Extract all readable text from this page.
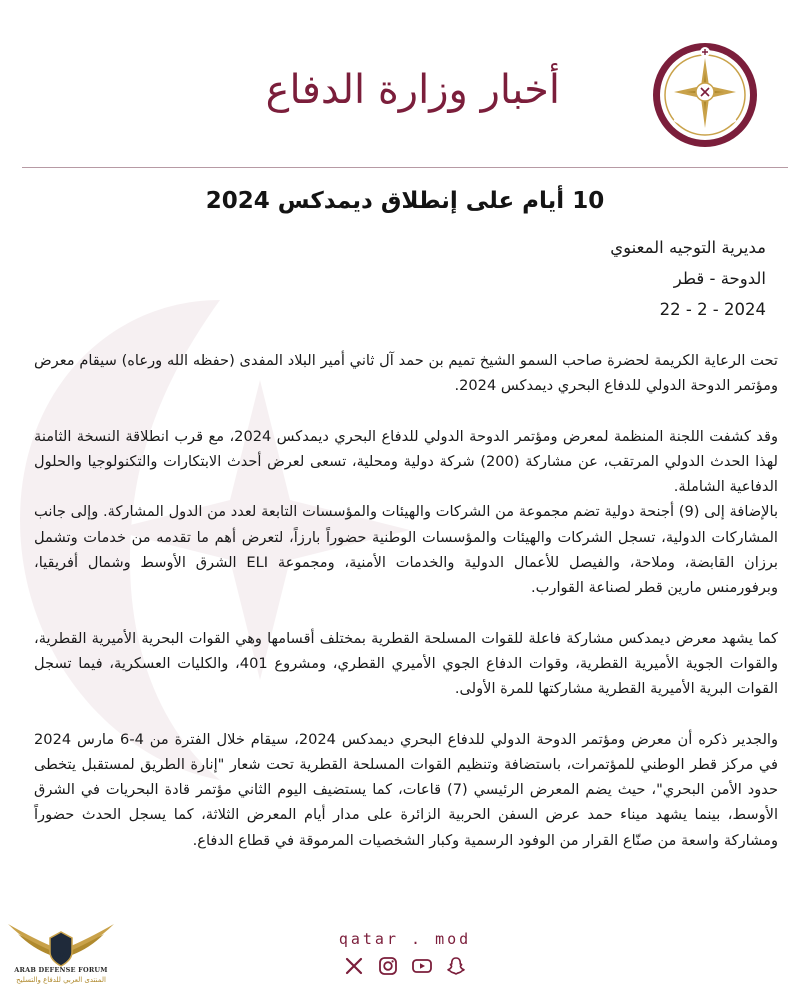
أخبار وزارة الدفاع
10 أيام على إنطلاق ديمدكس 2024
مديرية التوجيه المعنوي
الدوحة - قطر
22 - 2 - 2024

تحت الرعاية الكريمة لحضرة صاحب السمو الشيخ تميم بن حمد آل ثاني أمير البلاد المفدى (حفظه الله ورعاه) سيقام معرض ومؤتمر الدوحة الدولي للدفاع البحري ديمدكس 2024.

وقد كشفت اللجنة المنظمة لمعرض ومؤتمر الدوحة الدولي للدفاع البحري ديمدكس 2024، مع قرب انطلاقة النسخة الثامنة لهذا الحدث الدولي المرتقب، عن مشاركة (200) شركة دولية ومحلية، تسعى لعرض أحدث الابتكارات والتكنولوجيا والحلول الدفاعية الشاملة.

بالإضافة إلى (9) أجنحة دولية تضم مجموعة من الشركات والهيئات والمؤسسات التابعة لعدد من الدول المشاركة. وإلى جانب المشاركات الدولية، تسجل الشركات والهيئات والمؤسسات الوطنية حضوراً بارزاً، لتعرض أهم ما تقدمه من خدمات وتشمل برزان القابضة، وملاحة، والفيصل للأعمال الدولية والخدمات الأمنية، ومجموعة ELI الشرق الأوسط وشمال أفريقيا، وبرفورمنس مارين قطر لصناعة القوارب.

كما يشهد معرض ديمدكس مشاركة فاعلة للقوات المسلحة القطرية بمختلف أقسامها وهي القوات البحرية الأميرية القطرية، والقوات الجوية الأميرية القطرية، وقوات الدفاع الجوي الأميري القطري، ومشروع 401، والكليات العسكرية، فيما تسجل القوات البرية الأميرية القطرية مشاركتها للمرة الأولى.

والجدير ذكره أن معرض ومؤتمر الدوحة الدولي للدفاع البحري ديمدكس 2024، سيقام خلال الفترة من 4-6 مارس 2024 في مركز قطر الوطني للمؤتمرات، باستضافة وتنظيم القوات المسلحة القطرية تحت شعار "إنارة الطريق لمستقبل يتخطى حدود الأمن البحري"، حيث يضم المعرض الرئيسي (7) قاعات، كما يستضيف اليوم الثاني مؤتمر قادة البحريات في الشرق الأوسط، بينما يشهد ميناء حمد عرض السفن الحربية الزائرة على مدار أيام المعرض الثلاثة، كما يسجل الحدث حضوراً ومشاركة واسعة من صنّاع القرار من الوفود الرسمية وكبار الشخصيات المرموقة في قطاع الدفاع.

qatar . mod
DA
ARAB DEFENSE FORUM
المنتدى العربي للدفاع والتسليح
